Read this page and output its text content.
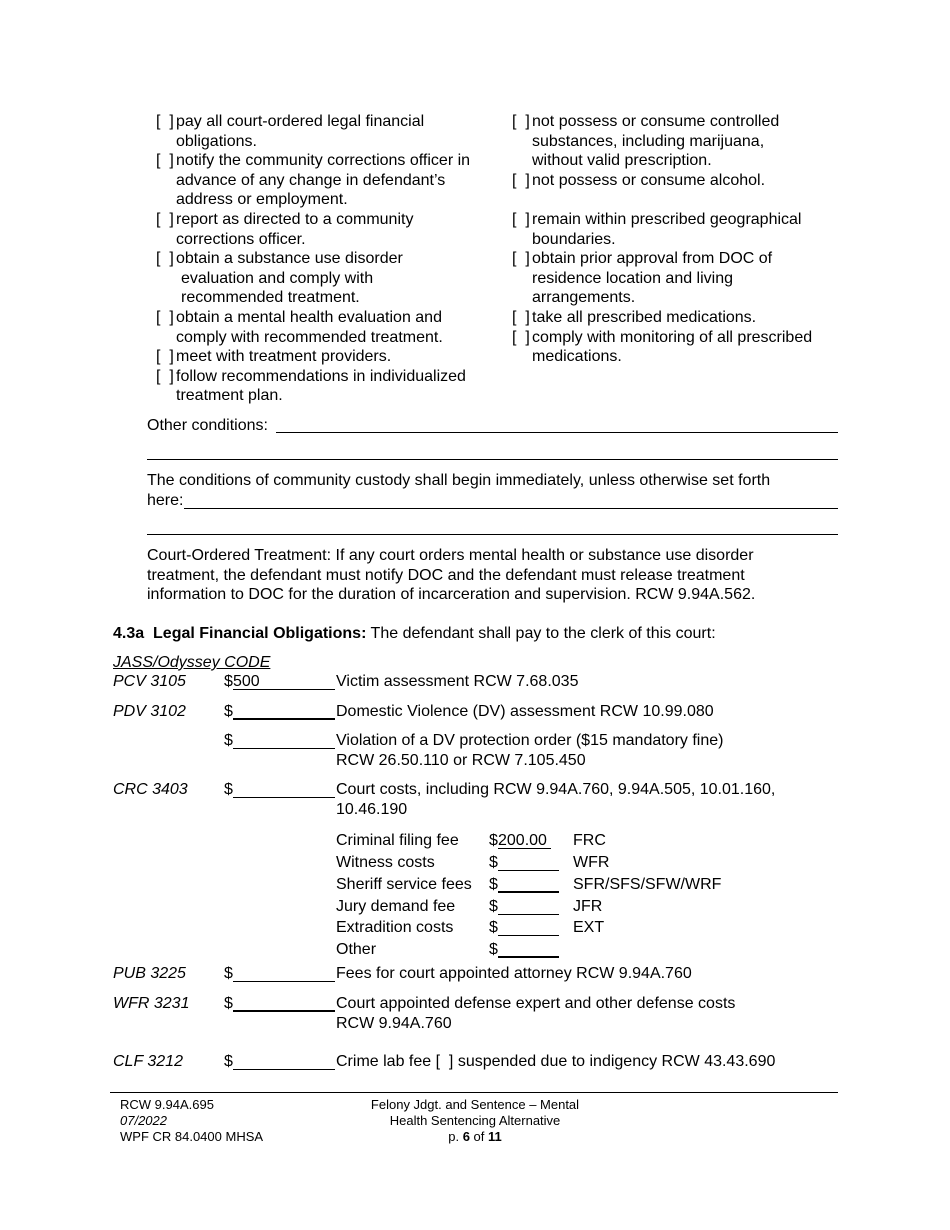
[  ] pay all court-ordered legal financial
obligations.
[  ] notify the community corrections officer in
advance of any change in defendant’s
address or employment.
[  ] report as directed to a community
corrections officer.
[  ] obtain a substance use disorder
evaluation and comply with
recommended treatment.
[  ] obtain a mental health evaluation and
comply with recommended treatment.
[  ] meet with treatment providers.
[  ] follow recommendations in individualized
treatment plan.
[  ] not possess or consume controlled
substances, including marijuana,
without valid prescription.
[  ] not possess or consume alcohol.
[  ] remain within prescribed geographical
boundaries.
[  ] obtain prior approval from DOC of
residence location and living
arrangements.
[  ] take all prescribed medications.
[  ] comply with monitoring of all prescribed
medications.
Other conditions:
The conditions of community custody shall begin immediately, unless otherwise set forth
here:
Court-Ordered Treatment: If any court orders mental health or substance use disorder
treatment, the defendant must notify DOC and the defendant must release treatment
information to DOC for the duration of incarceration and supervision. RCW 9.94A.562.
4.3a Legal Financial Obligations: The defendant shall pay to the clerk of this court:
JASS/Odyssey CODE
PCV 3105 $ 500	Victim assessment RCW 7.68.035
PDV 3102 $	Domestic Violence (DV) assessment RCW 10.99.080
$	Violation of a DV protection order ($15 mandatory fine)
RCW 26.50.110 or RCW 7.105.450
CRC 3403 $	Court costs, including RCW 9.94A.760, 9.94A.505, 10.01.160,
10.46.190
Criminal filing fee $ 200.00 FRC
Witness costs	$	WFR
Sheriff service fees $	SFR/SFS/SFW/WRF
Jury demand fee $	JFR
Extradition costs $	EXT
Other	$
PUB 3225 $	Fees for court appointed attorney RCW 9.94A.760
WFR 3231 $	Court appointed defense expert and other defense costs
RCW 9.94A.760
CLF 3212	$	Crime lab fee [  ] suspended due to indigency RCW 43.43.690
RCW 9.94A.695
07/2022
WPF CR 84.0400 MHSA
Felony Jdgt. and Sentence – Mental
Health Sentencing Alternative
p. 6 of 11
